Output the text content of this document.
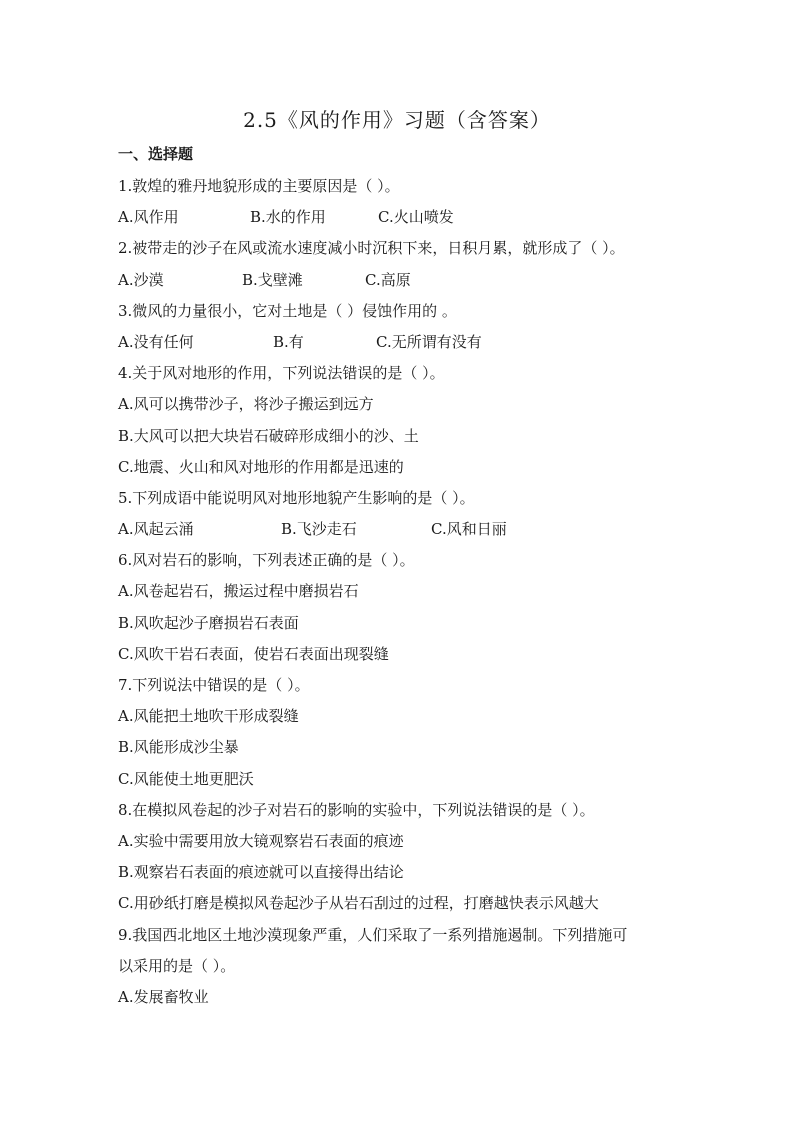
2.5《风的作用》习题（含答案）
一、选择题
1.敦煌的雅丹地貌形成的主要原因是（ ）。
A.风作用	B.水的作用	C.火山喷发
2.被带走的沙子在风或流水速度减小时沉积下来，日积月累，就形成了（ ）。
A.沙漠	B.戈壁滩	C.高原
3.微风的力量很小，它对土地是（ ）侵蚀作用的 。
A.没有任何	B.有	C.无所谓有没有
4.关于风对地形的作用，下列说法错误的是（ ）。
A.风可以携带沙子，将沙子搬运到远方
B.大风可以把大块岩石破碎形成细小的沙、土
C.地震、火山和风对地形的作用都是迅速的
5.下列成语中能说明风对地形地貌产生影响的是（ ）。
A.风起云涌	B.飞沙走石	C.风和日丽
6.风对岩石的影响，下列表述正确的是（ ）。
A.风卷起岩石，搬运过程中磨损岩石
B.风吹起沙子磨损岩石表面
C.风吹干岩石表面，使岩石表面出现裂缝
7.下列说法中错误的是（ ）。
A.风能把土地吹干形成裂缝
B.风能形成沙尘暴
C.风能使土地更肥沃
8.在模拟风卷起的沙子对岩石的影响的实验中，下列说法错误的是（ ）。
A.实验中需要用放大镜观察岩石表面的痕迹
B.观察岩石表面的痕迹就可以直接得出结论
C.用砂纸打磨是模拟风卷起沙子从岩石刮过的过程，打磨越快表示风越大
9.我国西北地区土地沙漠现象严重，人们采取了一系列措施遏制。下列措施可
以采用的是（ ）。
A.发展畜牧业
